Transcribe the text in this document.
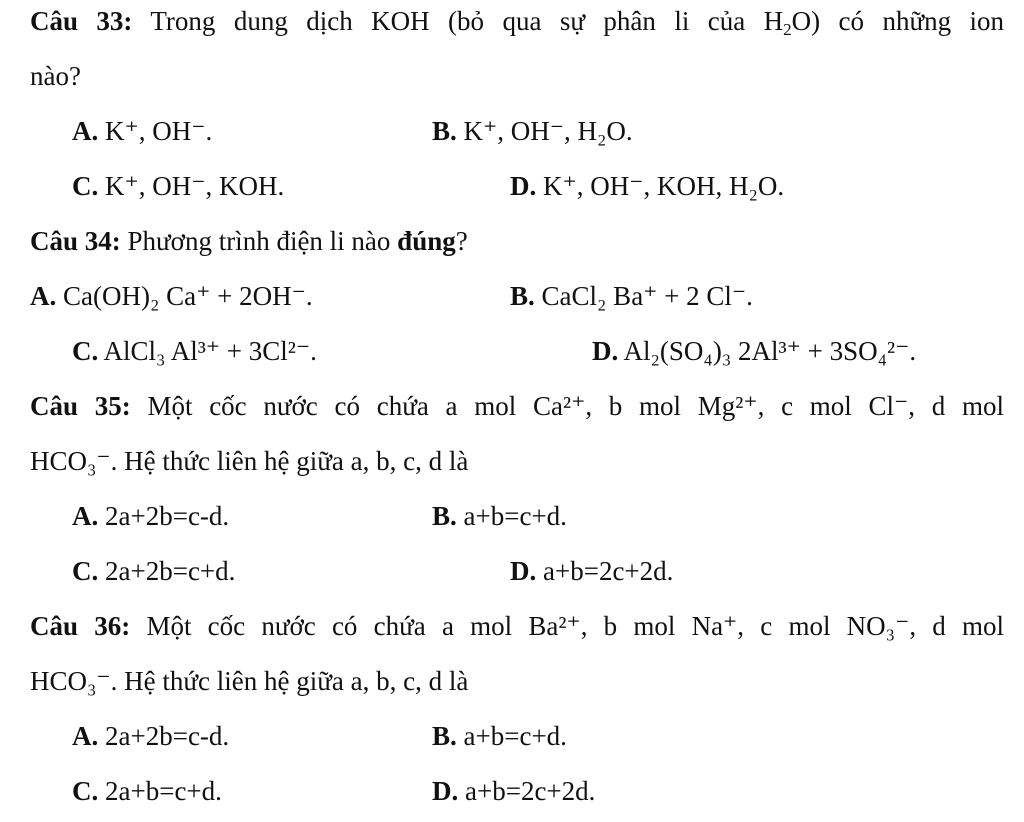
Câu 33: Trong dung dịch KOH (bỏ qua sự phân li của $H_2O$) có những ion
nào?
A. K⁺, OH⁻.	B. K⁺, OH⁻, H₂O.
C. K⁺, OH⁻, KOH.	D. K⁺, OH⁻, KOH, H₂O.
Câu 34: Phương trình điện li nào đúng?
A. Ca(OH)₂ Ca⁺ + 2OH⁻.	B. CaCl₂ Ba⁺ + 2 Cl⁻.
C. AlCl₃ Al³⁺ + 3Cl²⁻.	D. Al₂(SO₄)₃ 2Al³⁺ + 3SO₄²⁻.
Câu 35: Một cốc nước có chứa a mol Ca²⁺, b mol Mg²⁺, c mol Cl⁻, d mol
HCO₃⁻. Hệ thức liên hệ giữa a, b, c, d là
A. 2a+2b=c-d.	B. a+b=c+d.
C. 2a+2b=c+d.	D. a+b=2c+2d.
Câu 36: Một cốc nước có chứa a mol Ba²⁺, b mol Na⁺, c mol NO₃⁻, d mol
HCO₃⁻. Hệ thức liên hệ giữa a, b, c, d là
A. 2a+2b=c-d.	B. a+b=c+d.
C. 2a+b=c+d.	D. a+b=2c+2d.
